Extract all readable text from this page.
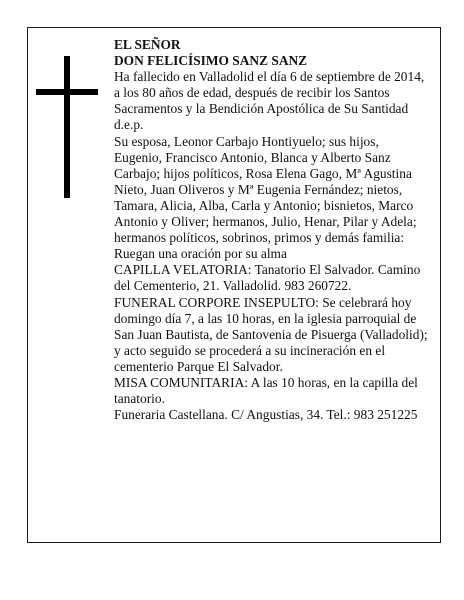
EL SEÑOR

DON FELICÍSIMO SANZ SANZ

Ha fallecido en Valladolid el día 6 de septiembre de 2014, a los 80 años de edad, después de recibir los Santos Sacramentos y la Bendición Apostólica de Su Santidad

d.e.p.

Su esposa, Leonor Carbajo Hontiyuelo; sus hijos, Eugenio, Francisco Antonio, Blanca y Alberto Sanz Carbajo; hijos políticos, Rosa Elena Gago, Mª Agustina Nieto, Juan Oliveros y Mª Eugenia Fernández; nietos, Tamara, Alicia, Alba, Carla y Antonio; bisnietos, Marco Antonio y Oliver; hermanos, Julio, Henar, Pilar y Adela; hermanos políticos, sobrinos, primos y demás familia:

Ruegan una oración por su alma

CAPILLA VELATORIA: Tanatorio El Salvador. Camino del Cementerio, 21. Valladolid. 983 260722.

FUNERAL CORPORE INSEPULTO: Se celebrará hoy domingo día 7, a las 10 horas, en la iglesia parroquial de San Juan Bautista, de Santovenia de Pisuerga (Valladolid); y acto seguido se procederá a su incineración en el cementerio Parque El Salvador.

MISA COMUNITARIA: A las 10 horas, en la capilla del tanatorio.

Funeraria Castellana. C/ Angustias, 34. Tel.: 983 251225
